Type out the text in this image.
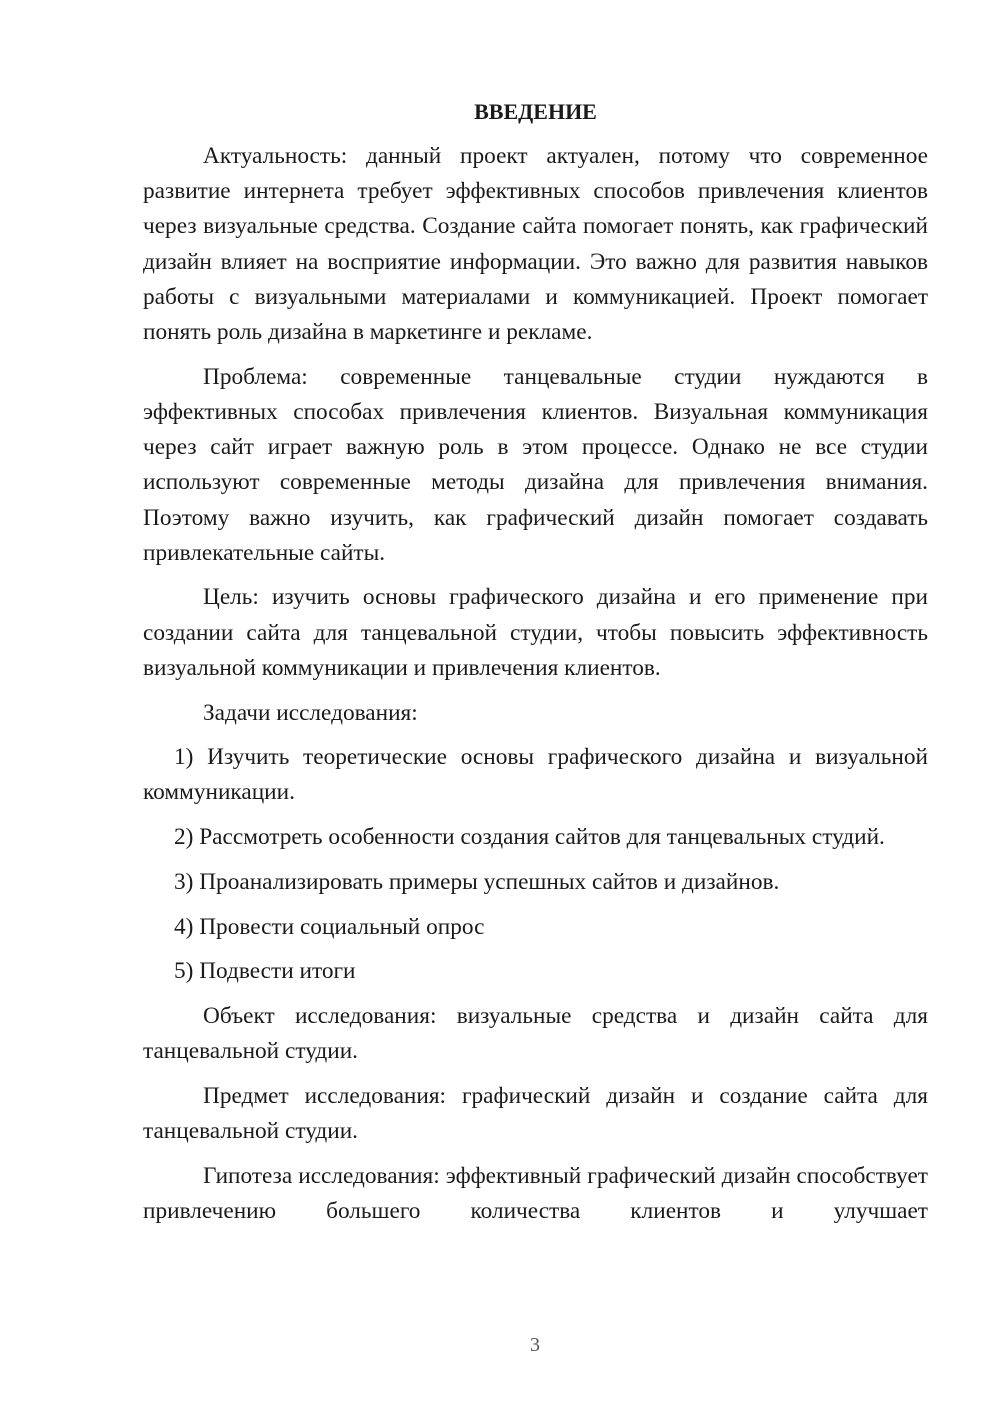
ВВЕДЕНИЕ

Актуальность: данный проект актуален, потому что современное развитие интернета требует эффективных способов привлечения клиентов через визуальные средства. Создание сайта помогает понять, как графический дизайн влияет на восприятие информации. Это важно для развития навыков работы с визуальными материалами и коммуникацией. Проект помогает понять роль дизайна в маркетинге и рекламе.

Проблема: современные танцевальные студии нуждаются в эффективных способах привлечения клиентов. Визуальная коммуникация через сайт играет важную роль в этом процессе. Однако не все студии используют современные методы дизайна для привлечения внимания. Поэтому важно изучить, как графический дизайн помогает создавать привлекательные сайты.

Цель: изучить основы графического дизайна и его применение при создании сайта для танцевальной студии, чтобы повысить эффективность визуальной коммуникации и привлечения клиентов.

Задачи исследования:

1) Изучить теоретические основы графического дизайна и визуальной коммуникации.

2) Рассмотреть особенности создания сайтов для танцевальных студий.

3) Проанализировать примеры успешных сайтов и дизайнов.

4) Провести социальный опрос

5) Подвести итоги

Объект исследования: визуальные средства и дизайн сайта для танцевальной студии.

Предмет исследования: графический дизайн и создание сайта для танцевальной студии.

Гипотеза исследования: эффективный графический дизайн способствует привлечению большего количества клиентов и улучшает

3
